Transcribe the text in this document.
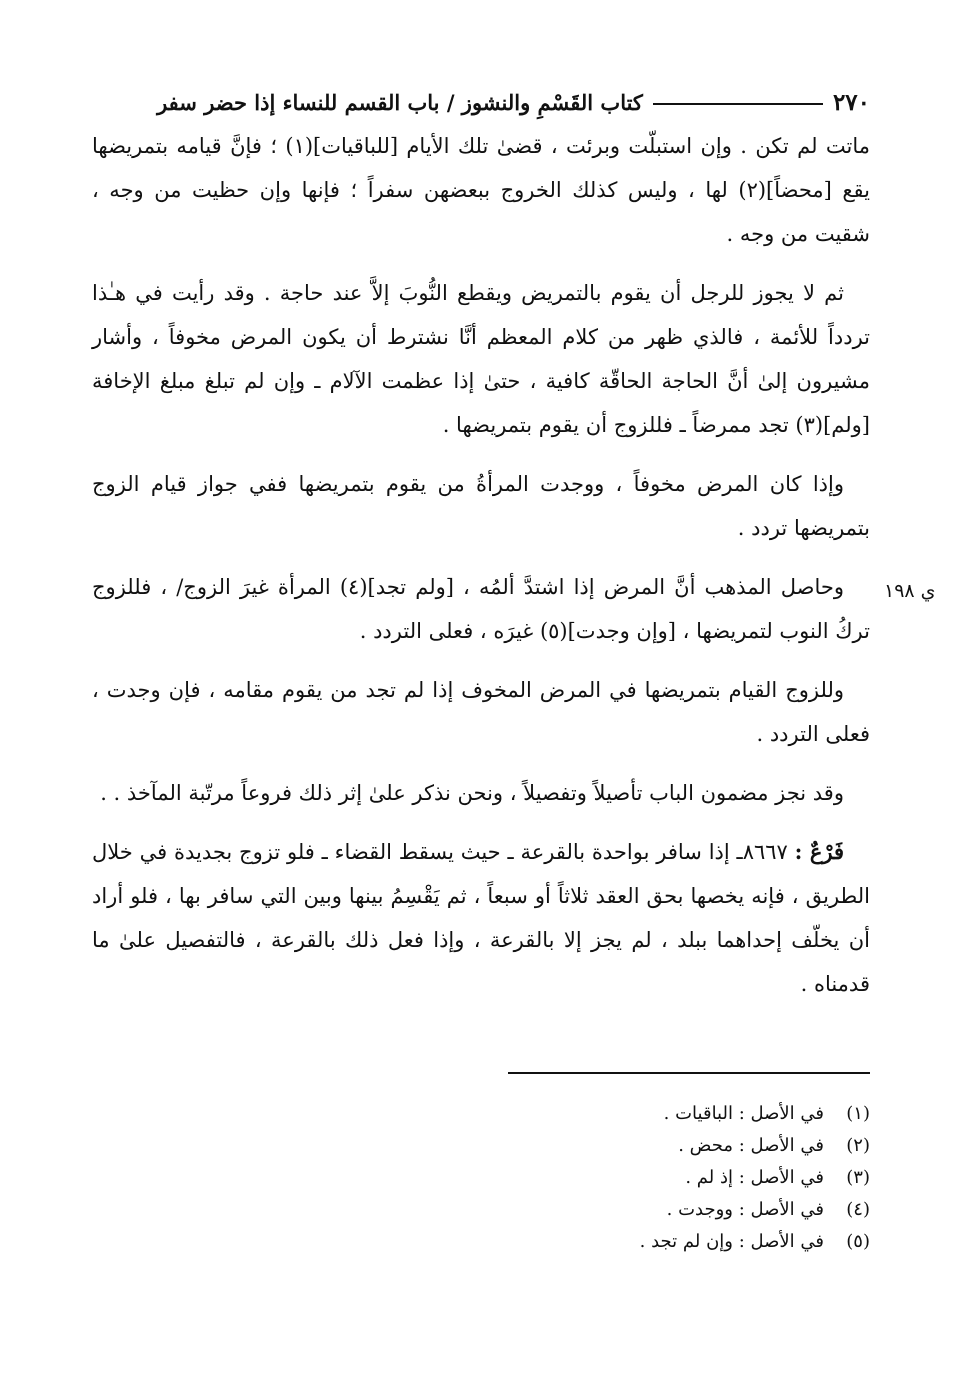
٢٧٠
كتاب القَسْمِ والنشوز / باب القسم للنساء إذا حضر سفر
ي ١٩٨

ماتت لم تكن . وإن استبلّت وبرئت ، قضىٰ تلك الأيام [للباقيات](١) ؛ فإنَّ قيامه بتمريضها يقع [محضاً](٢) لها ، وليس كذلك الخروج ببعضهن سفراً ؛ فإنها وإن حظيت من وجه ، شقيت من وجه .

ثم لا يجوز للرجل أن يقوم بالتمريض ويقطع النُّوبَ إلاَّ عند حاجة . وقد رأيت في هـٰذا تردداً للأئمة ، فالذي ظهر من كلام المعظم أنَّا نشترط أن يكون المرض مخوفاً ، وأشار مشيرون إلىٰ أنَّ الحاجة الحاقّة كافية ، حتىٰ إذا عظمت الآلام ـ وإن لم تبلغ مبلغ الإخافة [ولم](٣) تجد ممرضاً ـ فللزوج أن يقوم بتمريضها .

وإذا كان المرض مخوفاً ، ووجدت المرأةُ من يقوم بتمريضها ففي جواز قيام الزوج بتمريضها تردد .

وحاصل المذهب أنَّ المرض إذا اشتدَّ ألمُه ، [ولم تجد](٤) المرأة غيرَ الزوج/ ، فللزوج تركُ النوب لتمريضها ، [وإن وجدت](٥) غيرَه ، فعلى التردد .

وللزوج القيام بتمريضها في المرض المخوف إذا لم تجد من يقوم مقامه ، فإن وجدت ، فعلى التردد .

وقد نجز مضمون الباب تأصيلاً وتفصيلاً ، ونحن نذكر علىٰ إثر ذلك فروعاً مرتّبة المآخذ . .

فَرْعٌ : ٨٦٦٧ـ إذا سافر بواحدة بالقرعة ـ حيث يسقط القضاء ـ فلو تزوج بجديدة في خلال الطريق ، فإنه يخصها بحق العقد ثلاثاً أو سبعاً ، ثم يَقْسِمُ بينها وبين التي سافر بها ، فلو أراد أن يخلّف إحداهما ببلد ، لم يجز إلا بالقرعة ، وإذا فعل ذلك بالقرعة ، فالتفصيل علىٰ ما قدمناه .

(١)في الأصل : الباقيات .
(٢)في الأصل : محض .
(٣)في الأصل : إذ لم .
(٤)في الأصل : ووجدت .
(٥)في الأصل : وإن لم تجد .
